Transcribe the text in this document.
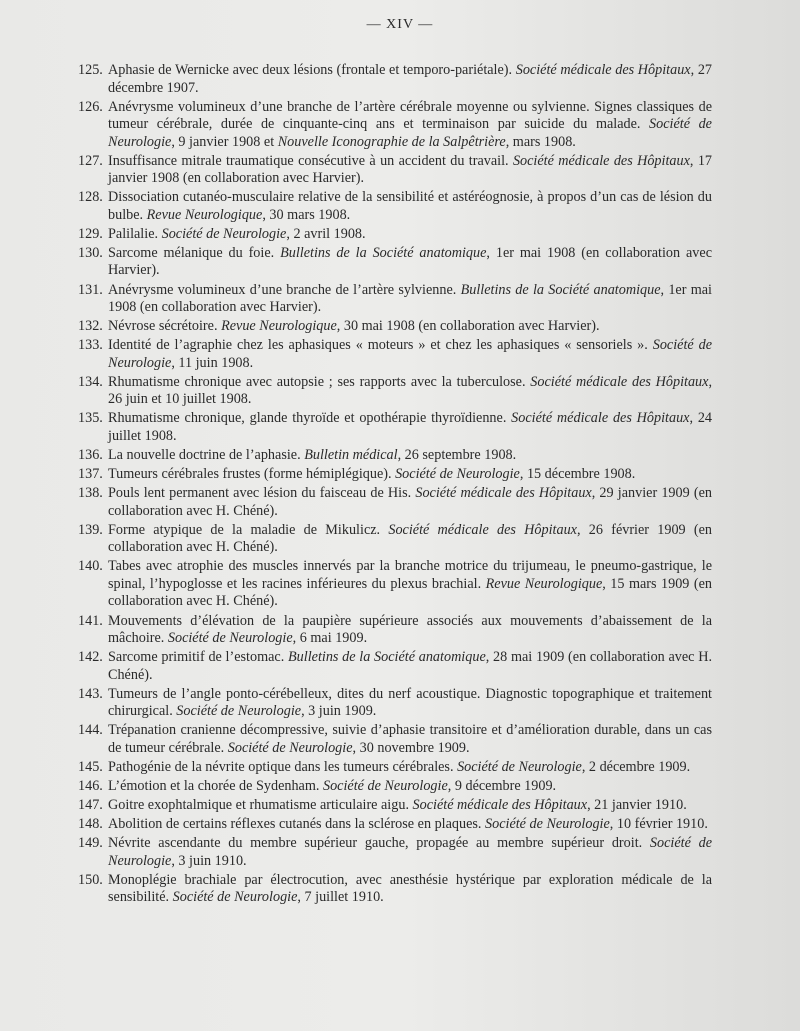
— XIV —
125. Aphasie de Wernicke avec deux lésions (frontale et temporo-pariétale). Société médicale des Hôpitaux, 27 décembre 1907.
126. Anévrysme volumineux d’une branche de l’artère cérébrale moyenne ou sylvienne. Signes classiques de tumeur cérébrale, durée de cinquante-cinq ans et terminaison par suicide du malade. Société de Neurologie, 9 janvier 1908 et Nouvelle Iconographie de la Salpêtrière, mars 1908.
127. Insuffisance mitrale traumatique consécutive à un accident du travail. Société médicale des Hôpitaux, 17 janvier 1908 (en collaboration avec Harvier).
128. Dissociation cutanéo-musculaire relative de la sensibilité et astéréognosie, à propos d’un cas de lésion du bulbe. Revue Neurologique, 30 mars 1908.
129. Palilalie. Société de Neurologie, 2 avril 1908.
130. Sarcome mélanique du foie. Bulletins de la Société anatomique, 1er mai 1908 (en collaboration avec Harvier).
131. Anévrysme volumineux d’une branche de l’artère sylvienne. Bulletins de la Société anatomique, 1er mai 1908 (en collaboration avec Harvier).
132. Névrose sécrétoire. Revue Neurologique, 30 mai 1908 (en collaboration avec Harvier).
133. Identité de l’agraphie chez les aphasiques « moteurs » et chez les aphasiques « sensoriels ». Société de Neurologie, 11 juin 1908.
134. Rhumatisme chronique avec autopsie ; ses rapports avec la tuberculose. Société médicale des Hôpitaux, 26 juin et 10 juillet 1908.
135. Rhumatisme chronique, glande thyroïde et opothérapie thyroïdienne. Société médicale des Hôpitaux, 24 juillet 1908.
136. La nouvelle doctrine de l’aphasie. Bulletin médical, 26 septembre 1908.
137. Tumeurs cérébrales frustes (forme hémiplégique). Société de Neurologie, 15 décembre 1908.
138. Pouls lent permanent avec lésion du faisceau de His. Société médicale des Hôpitaux, 29 janvier 1909 (en collaboration avec H. Chéné).
139. Forme atypique de la maladie de Mikulicz. Société médicale des Hôpitaux, 26 février 1909 (en collaboration avec H. Chéné).
140. Tabes avec atrophie des muscles innervés par la branche motrice du trijumeau, le pneumo-gastrique, le spinal, l’hypoglosse et les racines inférieures du plexus brachial. Revue Neurologique, 15 mars 1909 (en collaboration avec H. Chéné).
141. Mouvements d’élévation de la paupière supérieure associés aux mouvements d’abaissement de la mâchoire. Société de Neurologie, 6 mai 1909.
142. Sarcome primitif de l’estomac. Bulletins de la Société anatomique, 28 mai 1909 (en collaboration avec H. Chéné).
143. Tumeurs de l’angle ponto-cérébelleux, dites du nerf acoustique. Diagnostic topographique et traitement chirurgical. Société de Neurologie, 3 juin 1909.
144. Trépanation cranienne décompressive, suivie d’aphasie transitoire et d’amélioration durable, dans un cas de tumeur cérébrale. Société de Neurologie, 30 novembre 1909.
145. Pathogénie de la névrite optique dans les tumeurs cérébrales. Société de Neurologie, 2 décembre 1909.
146. L’émotion et la chorée de Sydenham. Société de Neurologie, 9 décembre 1909.
147. Goitre exophtalmique et rhumatisme articulaire aigu. Société médicale des Hôpitaux, 21 janvier 1910.
148. Abolition de certains réflexes cutanés dans la sclérose en plaques. Société de Neurologie, 10 février 1910.
149. Névrite ascendante du membre supérieur gauche, propagée au membre supérieur droit. Société de Neurologie, 3 juin 1910.
150. Monoplégie brachiale par électrocution, avec anesthésie hystérique par exploration médicale de la sensibilité. Société de Neurologie, 7 juillet 1910.
